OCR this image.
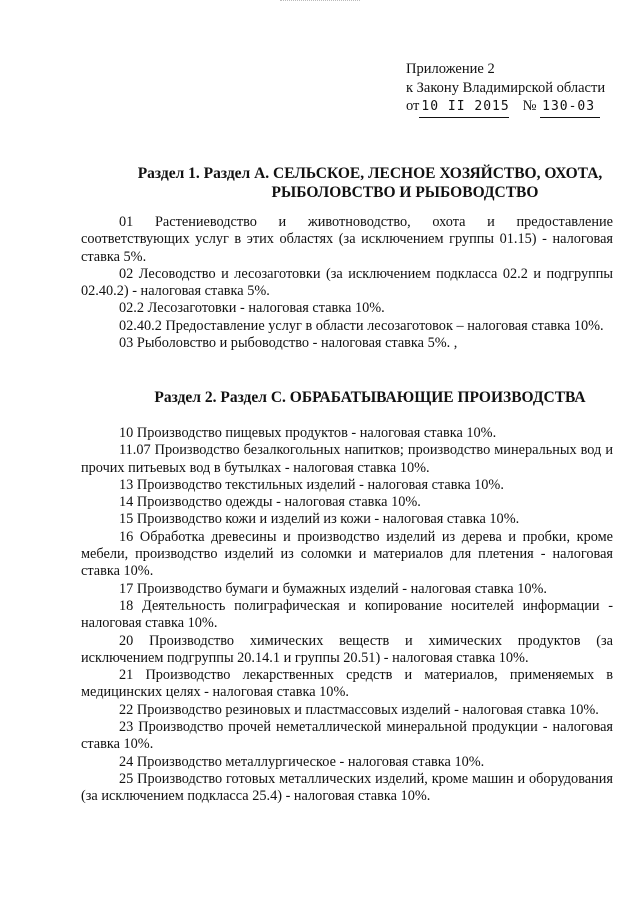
Приложение 2
к Закону Владимирской области
от 10 II 2015 № 130-03
Раздел 1. Раздел А. СЕЛЬСКОЕ, ЛЕСНОЕ ХОЗЯЙСТВО, ОХОТА,
РЫБОЛОВСТВО И РЫБОВОДСТВО

01 Растениеводство и животноводство, охота и предоставление соответствующих услуг в этих областях (за исключением группы 01.15) - налоговая ставка 5%.

02 Лесоводство и лесозаготовки (за исключением подкласса 02.2 и подгруппы 02.40.2) - налоговая ставка 5%.

02.2 Лесозаготовки - налоговая ставка 10%.

02.40.2 Предоставление услуг в области лесозаготовок – налоговая ставка 10%.

03 Рыболовство и рыбоводство - налоговая ставка 5%. ,

Раздел 2. Раздел С. ОБРАБАТЫВАЮЩИЕ ПРОИЗВОДСТВА

10 Производство пищевых продуктов - налоговая ставка 10%.

11.07 Производство безалкогольных напитков; производство минеральных вод и прочих питьевых вод в бутылках - налоговая ставка 10%.

13 Производство текстильных изделий - налоговая ставка 10%.

14 Производство одежды - налоговая ставка 10%.

15 Производство кожи и изделий из кожи - налоговая ставка 10%.

16 Обработка древесины и производство изделий из дерева и пробки, кроме мебели, производство изделий из соломки и материалов для плетения - налоговая ставка 10%.

17 Производство бумаги и бумажных изделий - налоговая ставка 10%.

18 Деятельность полиграфическая и копирование носителей информации - налоговая ставка 10%.

20 Производство химических веществ и химических продуктов (за исключением подгруппы 20.14.1 и группы 20.51) - налоговая ставка 10%.

21 Производство лекарственных средств и материалов, применяемых в медицинских целях - налоговая ставка 10%.

22 Производство резиновых и пластмассовых изделий - налоговая ставка 10%.

23 Производство прочей неметаллической минеральной продукции - налоговая ставка 10%.

24 Производство металлургическое - налоговая ставка 10%.

25 Производство готовых металлических изделий, кроме машин и оборудования (за исключением подкласса 25.4) - налоговая ставка 10%.
